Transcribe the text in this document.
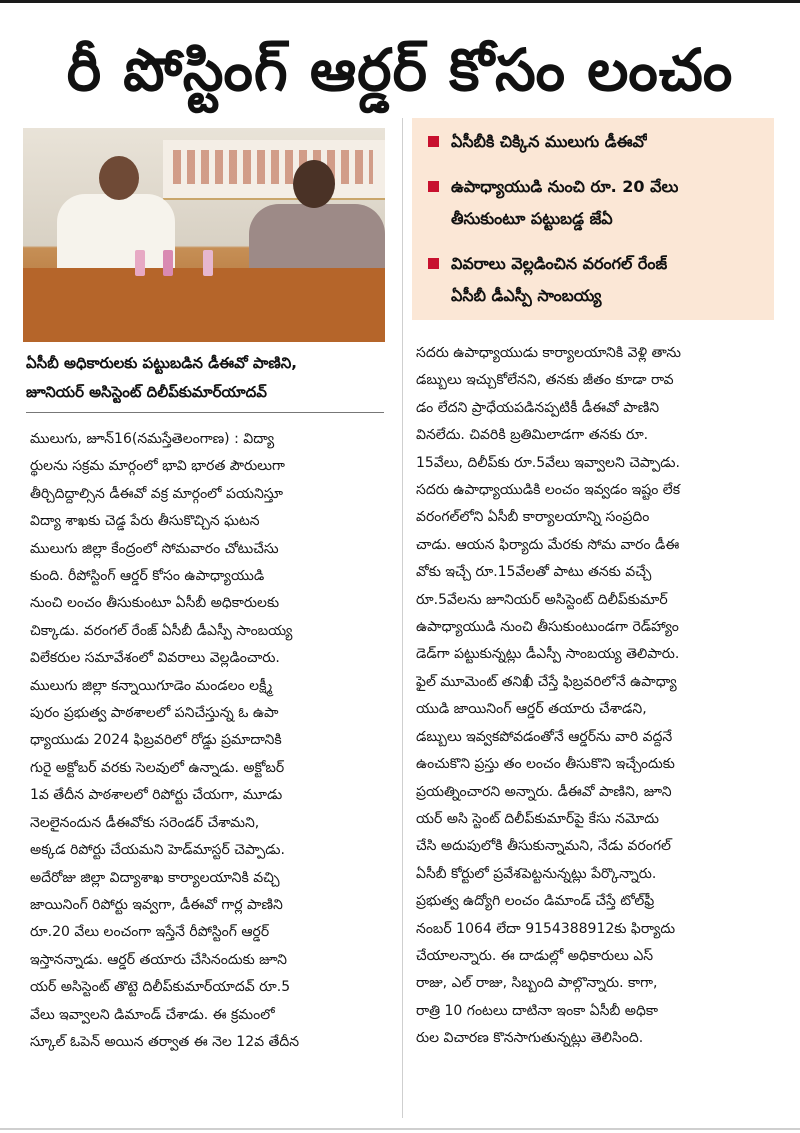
రీ పోస్టింగ్ ఆర్డర్ కోసం లంచం
ఏసీబీ అధికారులకు పట్టుబడిన డీఈవో పాణిని,
జూనియర్ అసిస్టెంట్ దిలీప్‌కుమార్‌యాదవ్
ఏసీబీకి చిక్కిన ములుగు డీఈవో
ఉపాధ్యాయుడి నుంచి రూ. 20 వేలు
తీసుకుంటూ పట్టుబడ్డ జేఏ
వివరాలు వెల్లడించిన వరంగల్ రేంజ్
ఏసీబీ డీఎస్పీ సాంబయ్య
ములుగు, జూన్16(నమస్తేతెలంగాణ) : విద్యా
ర్థులను సక్రమ మార్గంలో భావి భారత పౌరులుగా
తీర్చిదిద్దాల్సిన డీఈవో వక్ర మార్గంలో పయనిస్తూ
విద్యా శాఖకు చెడ్డ పేరు తీసుకొచ్చిన ఘటన
ములుగు జిల్లా కేంద్రంలో సోమవారం చోటుచేసు
కుంది. రీపోస్టింగ్ ఆర్డర్ కోసం ఉపాధ్యాయుడి
నుంచి లంచం తీసుకుంటూ ఏసీబీ అధికారులకు
చిక్కాడు. వరంగల్ రేంజ్ ఏసీబీ డీఎస్పీ సాంబయ్య
విలేకరుల సమావేశంలో వివరాలు వెల్లడించారు.
ములుగు జిల్లా కన్నాయిగూడెం మండలం లక్ష్మీ
పురం ప్రభుత్వ పాఠశాలలో పనిచేస్తున్న ఓ ఉపా
ధ్యాయుడు 2024 ఫిబ్రవరిలో రోడ్డు ప్రమాదానికి
గురై అక్టోబర్ వరకు సెలవులో ఉన్నాడు. అక్టోబర్
1వ తేదీన పాఠశాలలో రిపోర్టు చేయగా, మూడు
నెలలైనందున డీఈవోకు సరెండర్ చేశామని,
అక్కడ రిపోర్టు చేయమని హెడ్‌మాస్టర్ చెప్పాడు.
అదేరోజు జిల్లా విద్యాశాఖ కార్యాలయానికి వచ్చి
జాయినింగ్ రిపోర్టు ఇవ్వగా, డీఈవో గార్ల పాణిని
రూ.20 వేలు లంచంగా ఇస్తేనే రీపోస్టింగ్ ఆర్డర్
ఇస్తానన్నాడు. ఆర్డర్ తయారు చేసినందుకు జూని
యర్ అసిస్టెంట్ తొట్టె దిలీప్‌కుమార్‌యాదవ్ రూ.5
వేలు ఇవ్వాలని డిమాండ్ చేశాడు. ఈ క్రమంలో
స్కూల్ ఓపెన్ అయిన తర్వాత ఈ నెల 12వ తేదీన
సదరు ఉపాధ్యాయుడు కార్యాలయానికి వెళ్లి తాను
డబ్బులు ఇచ్చుకోలేనని, తనకు జీతం కూడా రావ
డం లేదని ప్రాధేయపడినప్పటికీ డీఈవో పాణిని
వినలేదు. చివరికి బ్రతిమిలాడగా తనకు రూ.
15వేలు, దిలీప్‌కు రూ.5వేలు ఇవ్వాలని చెప్పాడు.
సదరు ఉపాధ్యాయుడికి లంచం ఇవ్వడం ఇష్టం లేక
వరంగల్‌లోని ఏసీబీ కార్యాలయాన్ని సంప్రదిం
చాడు. ఆయన ఫిర్యాదు మేరకు సోమ వారం డీఈ
వోకు ఇచ్చే రూ.15వేలతో పాటు తనకు వచ్చే
రూ.5వేలను జూనియర్ అసిస్టెంట్ దిలీప్‌కుమార్
ఉపాధ్యాయుడి నుంచి తీసుకుంటుండగా రెడ్‌హ్యాం
డెడ్‌గా పట్టుకున్నట్లు డీఎస్పీ సాంబయ్య తెలిపారు.
ఫైల్ మూమెంట్ తనిఖీ చేస్తే ఫిబ్రవరిలోనే ఉపాధ్యా
యుడి జాయినింగ్ ఆర్డర్ తయారు చేశాడని,
డబ్బులు ఇవ్వకపోవడంతోనే ఆర్డర్‌ను వారి వద్దనే
ఉంచుకొని ప్రస్తు తం లంచం తీసుకొని ఇచ్చేందుకు
ప్రయత్నించారని అన్నారు. డీఈవో పాణిని, జూని
యర్ అసి స్టెంట్ దిలీప్‌కుమార్‌పై కేసు నమోదు
చేసి అదుపులోకి తీసుకున్నామని, నేడు వరంగల్
ఏసీబీ కోర్టులో ప్రవేశపెట్టనున్నట్లు పేర్కొన్నారు.
ప్రభుత్వ ఉద్యోగి లంచం డిమాండ్ చేస్తే టోల్‌ఫ్రీ
నంబర్ 1064 లేదా 9154388912కు ఫిర్యాదు
చేయాలన్నారు. ఈ దాడుల్లో అధికారులు ఎస్
రాజు, ఎల్ రాజు, సిబ్బంది పాల్గొన్నారు. కాగా,
రాత్రి 10 గంటలు దాటినా ఇంకా ఏసీబీ అధికా
రుల విచారణ కొనసాగుతున్నట్లు తెలిసింది.
